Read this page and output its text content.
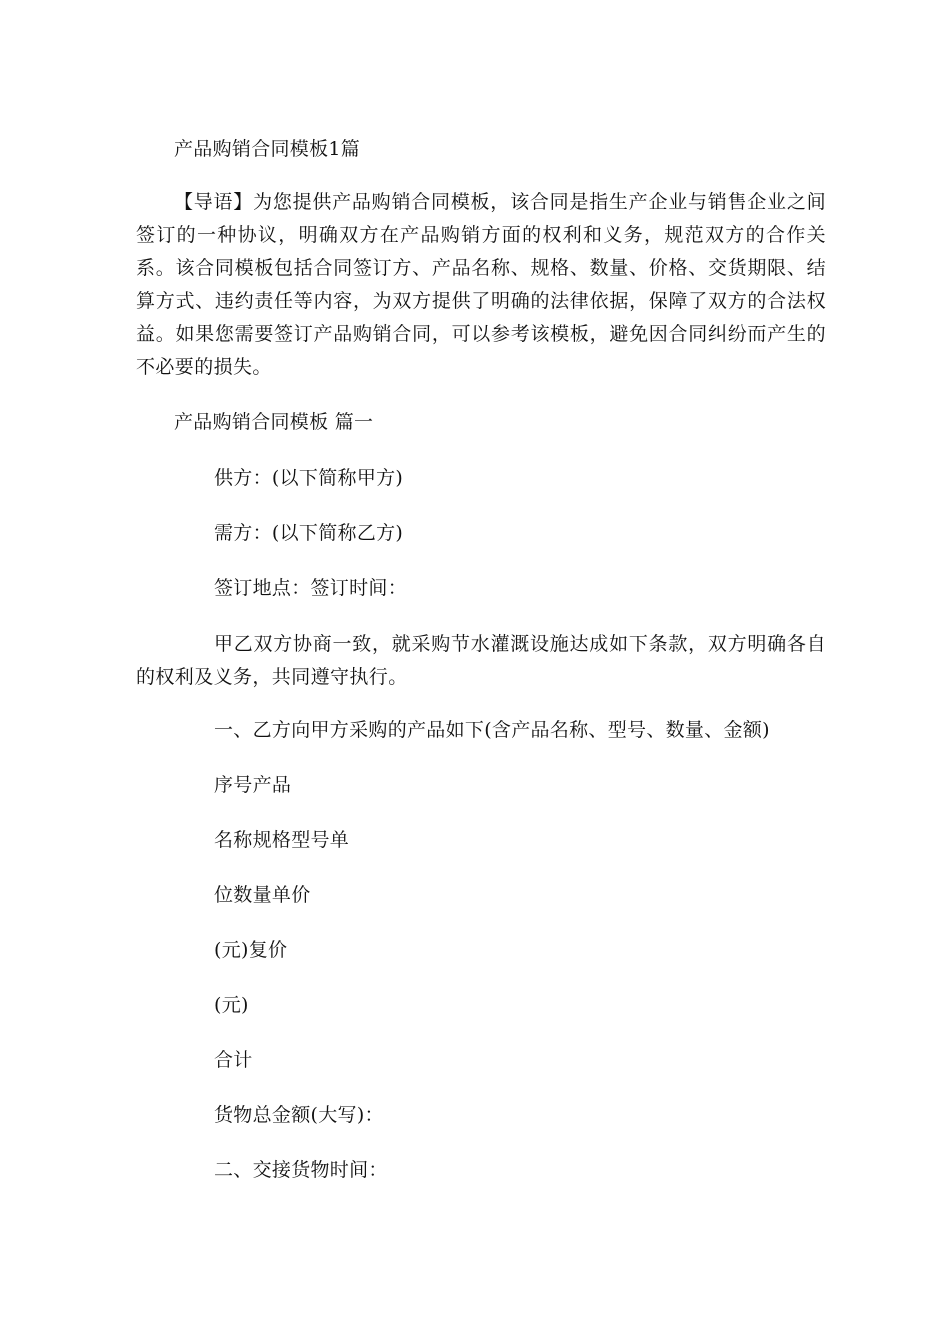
产品购销合同模板1篇
【导语】为您提供产品购销合同模板，该合同是指生产企业与销售企业之间签订的一种协议，明确双方在产品购销方面的权利和义务，规范双方的合作关系。该合同模板包括合同签订方、产品名称、规格、数量、价格、交货期限、结算方式、违约责任等内容，为双方提供了明确的法律依据，保障了双方的合法权益。如果您需要签订产品购销合同，可以参考该模板，避免因合同纠纷而产生的不必要的损失。
产品购销合同模板 篇一
供方：(以下简称甲方)
需方：(以下简称乙方)
签订地点：签订时间：
甲乙双方协商一致，就采购节水灌溉设施达成如下条款，双方明确各自的权利及义务，共同遵守执行。
一、乙方向甲方采购的产品如下(含产品名称、型号、数量、金额)
序号产品
名称规格型号单
位数量单价
(元)复价
(元)
合计
货物总金额(大写)：
二、交接货物时间：
